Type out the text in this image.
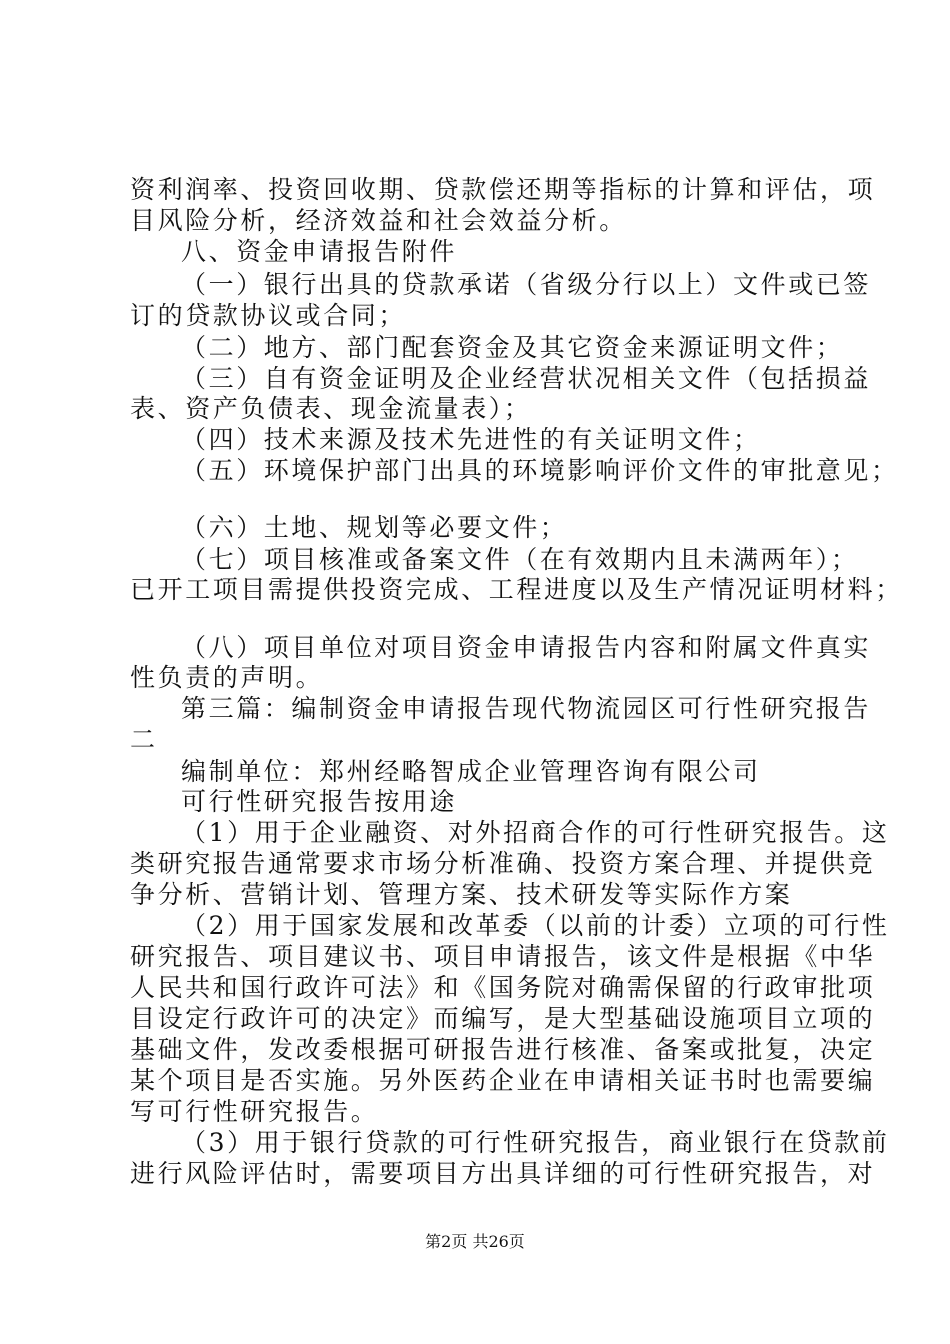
资利润率、投资回收期、贷款偿还期等指标的计算和评估，项
目风险分析，经济效益和社会效益分析。
八、资金申请报告附件
（一）银行出具的贷款承诺（省级分行以上）文件或已签
订的贷款协议或合同；
（二）地方、部门配套资金及其它资金来源证明文件；
（三）自有资金证明及企业经营状况相关文件（包括损益
表、资产负债表、现金流量表）；
（四）技术来源及技术先进性的有关证明文件；
（五）环境保护部门出具的环境影响评价文件的审批意见；
（六）土地、规划等必要文件；
（七）项目核准或备案文件（在有效期内且未满两年）；
已开工项目需提供投资完成、工程进度以及生产情况证明材料；
（八）项目单位对项目资金申请报告内容和附属文件真实
性负责的声明。
第三篇：编制资金申请报告现代物流园区可行性研究报告
二
编制单位：郑州经略智成企业管理咨询有限公司
可行性研究报告按用途
（1）用于企业融资、对外招商合作的可行性研究报告。这
类研究报告通常要求市场分析准确、投资方案合理、并提供竞
争分析、营销计划、管理方案、技术研发等实际作方案
（2）用于国家发展和改革委（以前的计委）立项的可行性
研究报告、项目建议书、项目申请报告，该文件是根据《中华
人民共和国行政许可法》和《国务院对确需保留的行政审批项
目设定行政许可的决定》而编写，是大型基础设施项目立项的
基础文件，发改委根据可研报告进行核准、备案或批复，决定
某个项目是否实施。另外医药企业在申请相关证书时也需要编
写可行性研究报告。
（3）用于银行贷款的可行性研究报告，商业银行在贷款前
进行风险评估时，需要项目方出具详细的可行性研究报告，对
第2页 共26页
